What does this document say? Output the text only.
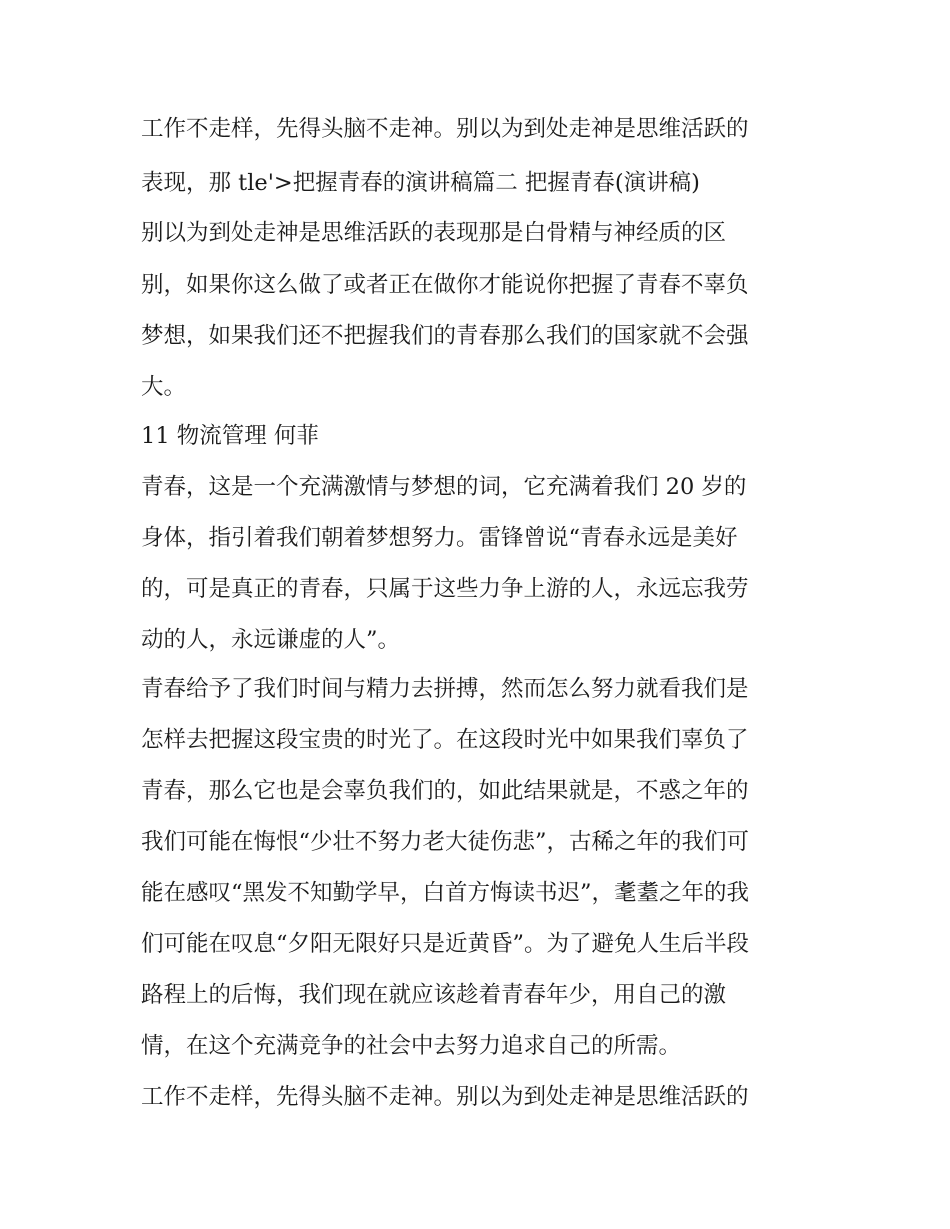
工作不走样，先得头脑不走神。别以为到处走神是思维活跃的
表现，那 tle'>把握青春的演讲稿篇二 把握青春(演讲稿)
别以为到处走神是思维活跃的表现那是白骨精与神经质的区
别，如果你这么做了或者正在做你才能说你把握了青春不辜负
梦想，如果我们还不把握我们的青春那么我们的国家就不会强
大。
11 物流管理 何菲
青春，这是一个充满激情与梦想的词，它充满着我们 20 岁的
身体，指引着我们朝着梦想努力。雷锋曾说“青春永远是美好
的，可是真正的青春，只属于这些力争上游的人，永远忘我劳
动的人，永远谦虚的人”。
青春给予了我们时间与精力去拼搏，然而怎么努力就看我们是
怎样去把握这段宝贵的时光了。在这段时光中如果我们辜负了
青春，那么它也是会辜负我们的，如此结果就是，不惑之年的
我们可能在悔恨“少壮不努力老大徒伤悲”，古稀之年的我们可
能在感叹“黑发不知勤学早，白首方悔读书迟”，耄耋之年的我
们可能在叹息“夕阳无限好只是近黄昏”。为了避免人生后半段
路程上的后悔，我们现在就应该趁着青春年少，用自己的激
情，在这个充满竞争的社会中去努力追求自己的所需。
工作不走样，先得头脑不走神。别以为到处走神是思维活跃的
